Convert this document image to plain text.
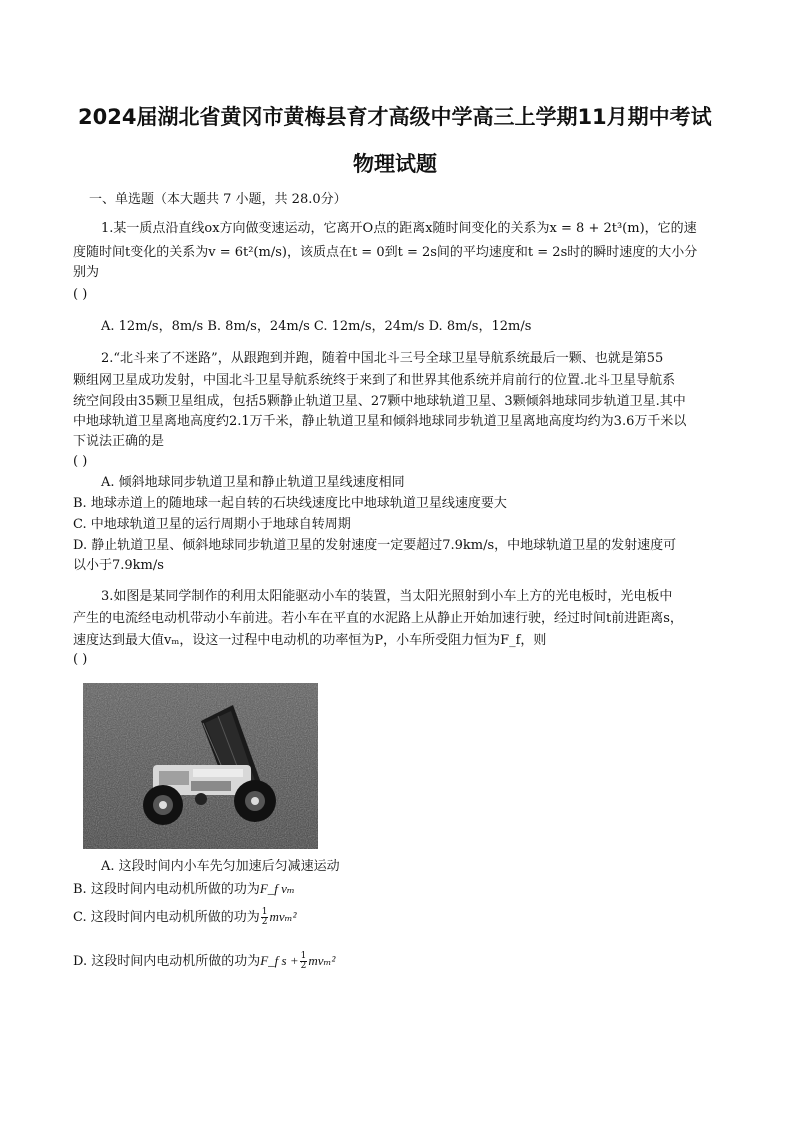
2024届湖北省黄冈市黄梅县育才高级中学高三上学期11月期中考试
物理试题
一、单选题（本大题共 7 小题，共 28.0分）
1.某一质点沿直线ox方向做变速运动，它离开O点的距离x随时间变化的关系为x = 8 + 2t³(m)，它的速
度随时间t变化的关系为v = 6t²(m/s)，该质点在t = 0到t = 2s间的平均速度和t = 2s时的瞬时速度的大小分
别为
( )
A. 12m/s，8m/s B. 8m/s，24m/s C. 12m/s，24m/s D. 8m/s，12m/s
2.“北斗来了不迷路”，从跟跑到并跑，随着中国北斗三号全球卫星导航系统最后一颗、也就是第55
颗组网卫星成功发射，中国北斗卫星导航系统终于来到了和世界其他系统并肩前行的位置.北斗卫星导航系
统空间段由35颗卫星组成，包括5颗静止轨道卫星、27颗中地球轨道卫星、3颗倾斜地球同步轨道卫星.其中
中地球轨道卫星离地高度约2.1万千米，静止轨道卫星和倾斜地球同步轨道卫星离地高度均约为3.6万千米以
下说法正确的是
( )
A. 倾斜地球同步轨道卫星和静止轨道卫星线速度相同
B. 地球赤道上的随地球一起自转的石块线速度比中地球轨道卫星线速度要大
C. 中地球轨道卫星的运行周期小于地球自转周期
D. 静止轨道卫星、倾斜地球同步轨道卫星的发射速度一定要超过7.9km/s，中地球轨道卫星的发射速度可
以小于7.9km/s
3.如图是某同学制作的利用太阳能驱动小车的装置，当太阳光照射到小车上方的光电板时，光电板中
产生的电流经电动机带动小车前进。若小车在平直的水泥路上从静止开始加速行驶，经过时间t前进距离s，
速度达到最大值vₘ，设这一过程中电动机的功率恒为P，小车所受阻力恒为F_f，则
( )
A. 这段时间内小车先匀加速后匀减速运动
B. 这段时间内电动机所做的功为F_f vₘ
C. 这段时间内电动机所做的功为 $\frac{1}{2} mv_m^2$
D. 这段时间内电动机所做的功为F_f $s + \frac{1}{2} mv_m^2$
